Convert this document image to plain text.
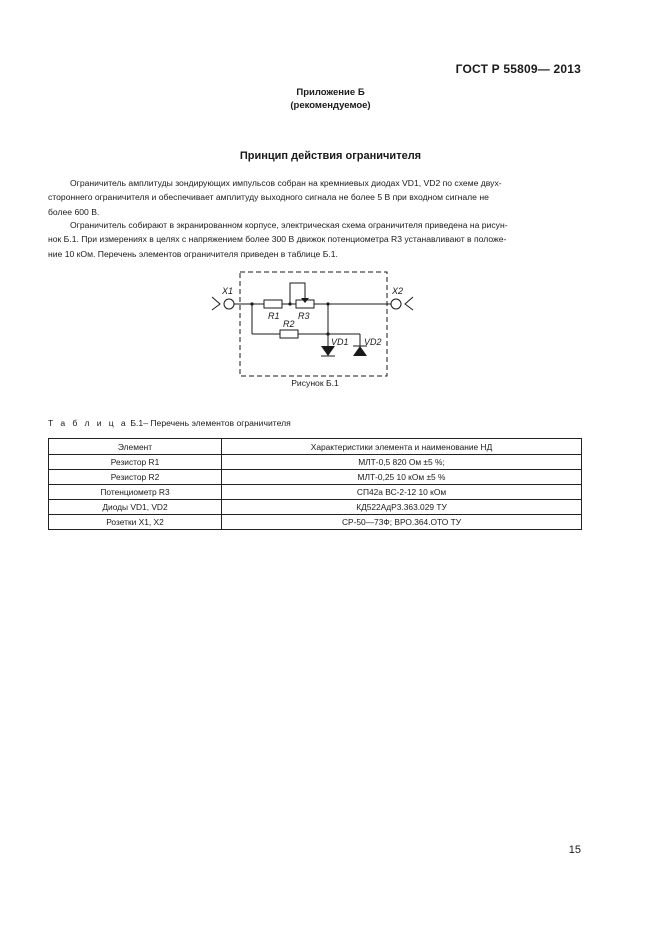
ГОСТ Р 55809— 2013
Приложение Б
(рекомендуемое)
Принцип действия ограничителя
Ограничитель амплитуды зондирующих импульсов собран на кремниевых диодах VD1, VD2 по схеме двух-
стороннего ограничителя и обеспечивает амплитуду выходного сигнала не более 5 В при входном сигнале не
более 600 В.
Ограничитель собирают в экранированном корпусе, электрическая схема ограничителя приведена на рисун-
нок Б.1. При измерениях в целях с напряжением более 300 В движок потенциометра R3 устанавливают в положе-
ние 10 кОм. Перечень элементов ограничителя приведен в таблице Б.1.
X1	X2
R1
R2
R3
VD1 VD2
Рисунок Б.1
Т а б л и ц а Б.1– Перечень элементов ограничителя
Элемент	Характеристики элемента и наименование НД
Резистор R1	МЛТ-0,5 820 Ом ±5 %;
Резистор R2	МЛТ-0,25 10 кОм ±5 %
Потенциометр R3	СП42а ВС-2-12 10 кОм
Диоды VD1, VD2	КД522АдР3.363.029 ТУ
Розетки X1, X2	СР-50—73Ф; ВРО.364.ОТО ТУ
15
